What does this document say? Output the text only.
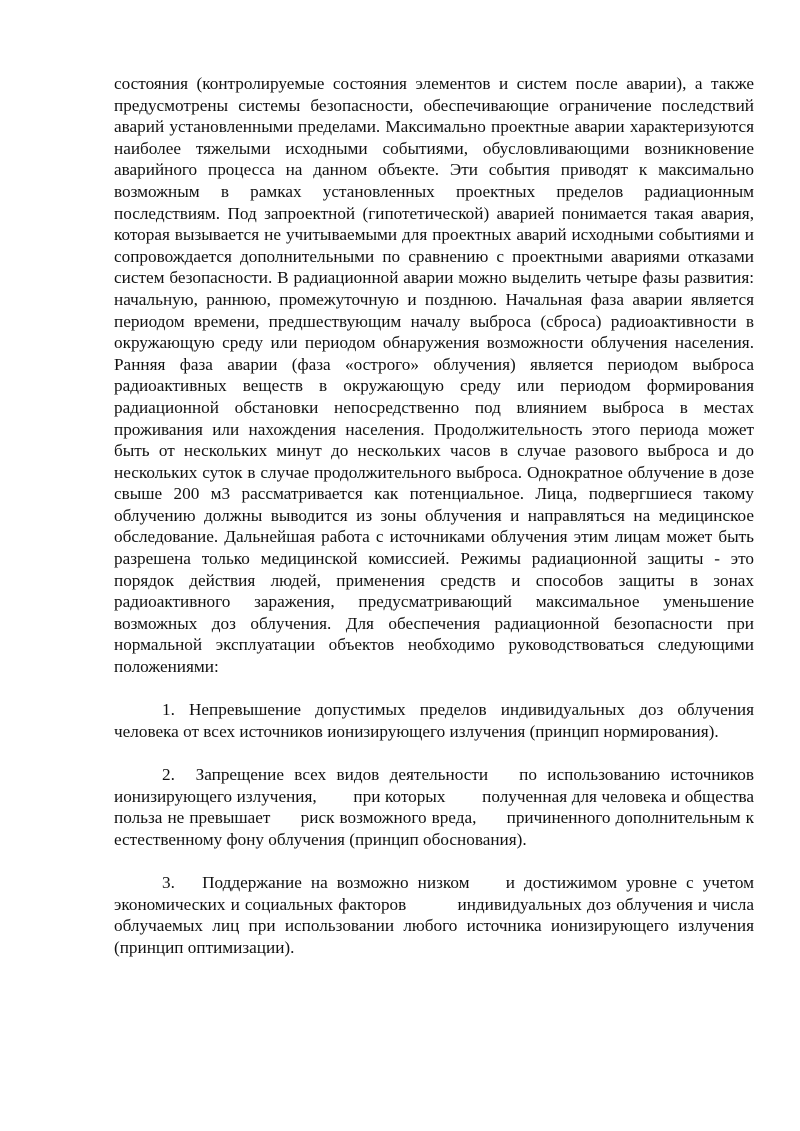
состояния (контролируемые состояния элементов и систем после аварии), а также предусмотрены системы безопасности, обеспечивающие ограничение последствий аварий установленными пределами. Максимально проектные аварии характеризуются наиболее тяжелыми исходными событиями, обусловливающими возникновение аварийного процесса на данном объекте. Эти события приводят к максимально возможным в рамках установленных проектных пределов радиационным последствиям. Под запроектной (гипотетической) аварией понимается такая авария, которая вызывается не учитываемыми для проектных аварий исходными событиями и сопровождается дополнительными по сравнению с проектными авариями отказами систем безопасности. В радиационной аварии можно выделить четыре фазы развития: начальную, раннюю, промежуточную и позднюю. Начальная фаза аварии является периодом времени, предшествующим началу выброса (сброса) радиоактивности в окружающую среду или периодом обнаружения возможности облучения населения. Ранняя фаза аварии (фаза «острого» облучения) является периодом выброса радиоактивных веществ в окружающую среду или периодом формирования радиационной обстановки непосредственно под влиянием выброса в местах проживания или нахождения населения. Продолжительность этого периода может быть от нескольких минут до нескольких часов в случае разового выброса и до нескольких суток в случае продолжительного выброса. Однократное облучение в дозе свыше 200 м3 рассматривается как потенциальное. Лица, подвергшиеся такому облучению должны выводится из зоны облучения и направляться на медицинское обследование. Дальнейшая работа с источниками облучения этим лицам может быть разрешена только медицинской комиссией. Режимы радиационной защиты - это порядок действия людей, применения средств и способов защиты в зонах радиоактивного заражения, предусматривающий максимальное уменьшение возможных доз облучения. Для обеспечения радиационной безопасности при нормальной эксплуатации объектов необходимо руководствоваться следующими положениями:

1. Непревышение допустимых пределов индивидуальных доз облучения человека от всех источников ионизирующего излучения (принцип нормирования).

2.  Запрещение всех видов деятельности   по использованию источников ионизирующего излучения,        при которых        полученная для человека и общества польза не превышает      риск возможного вреда,      причиненного дополнительным к естественному фону облучения (принцип обоснования).

3.   Поддержание на возможно низком    и достижимом уровне с учетом экономических и социальных факторов          индивидуальных доз облучения и числа облучаемых лиц при использовании любого источника ионизирующего излучения (принцип оптимизации).
